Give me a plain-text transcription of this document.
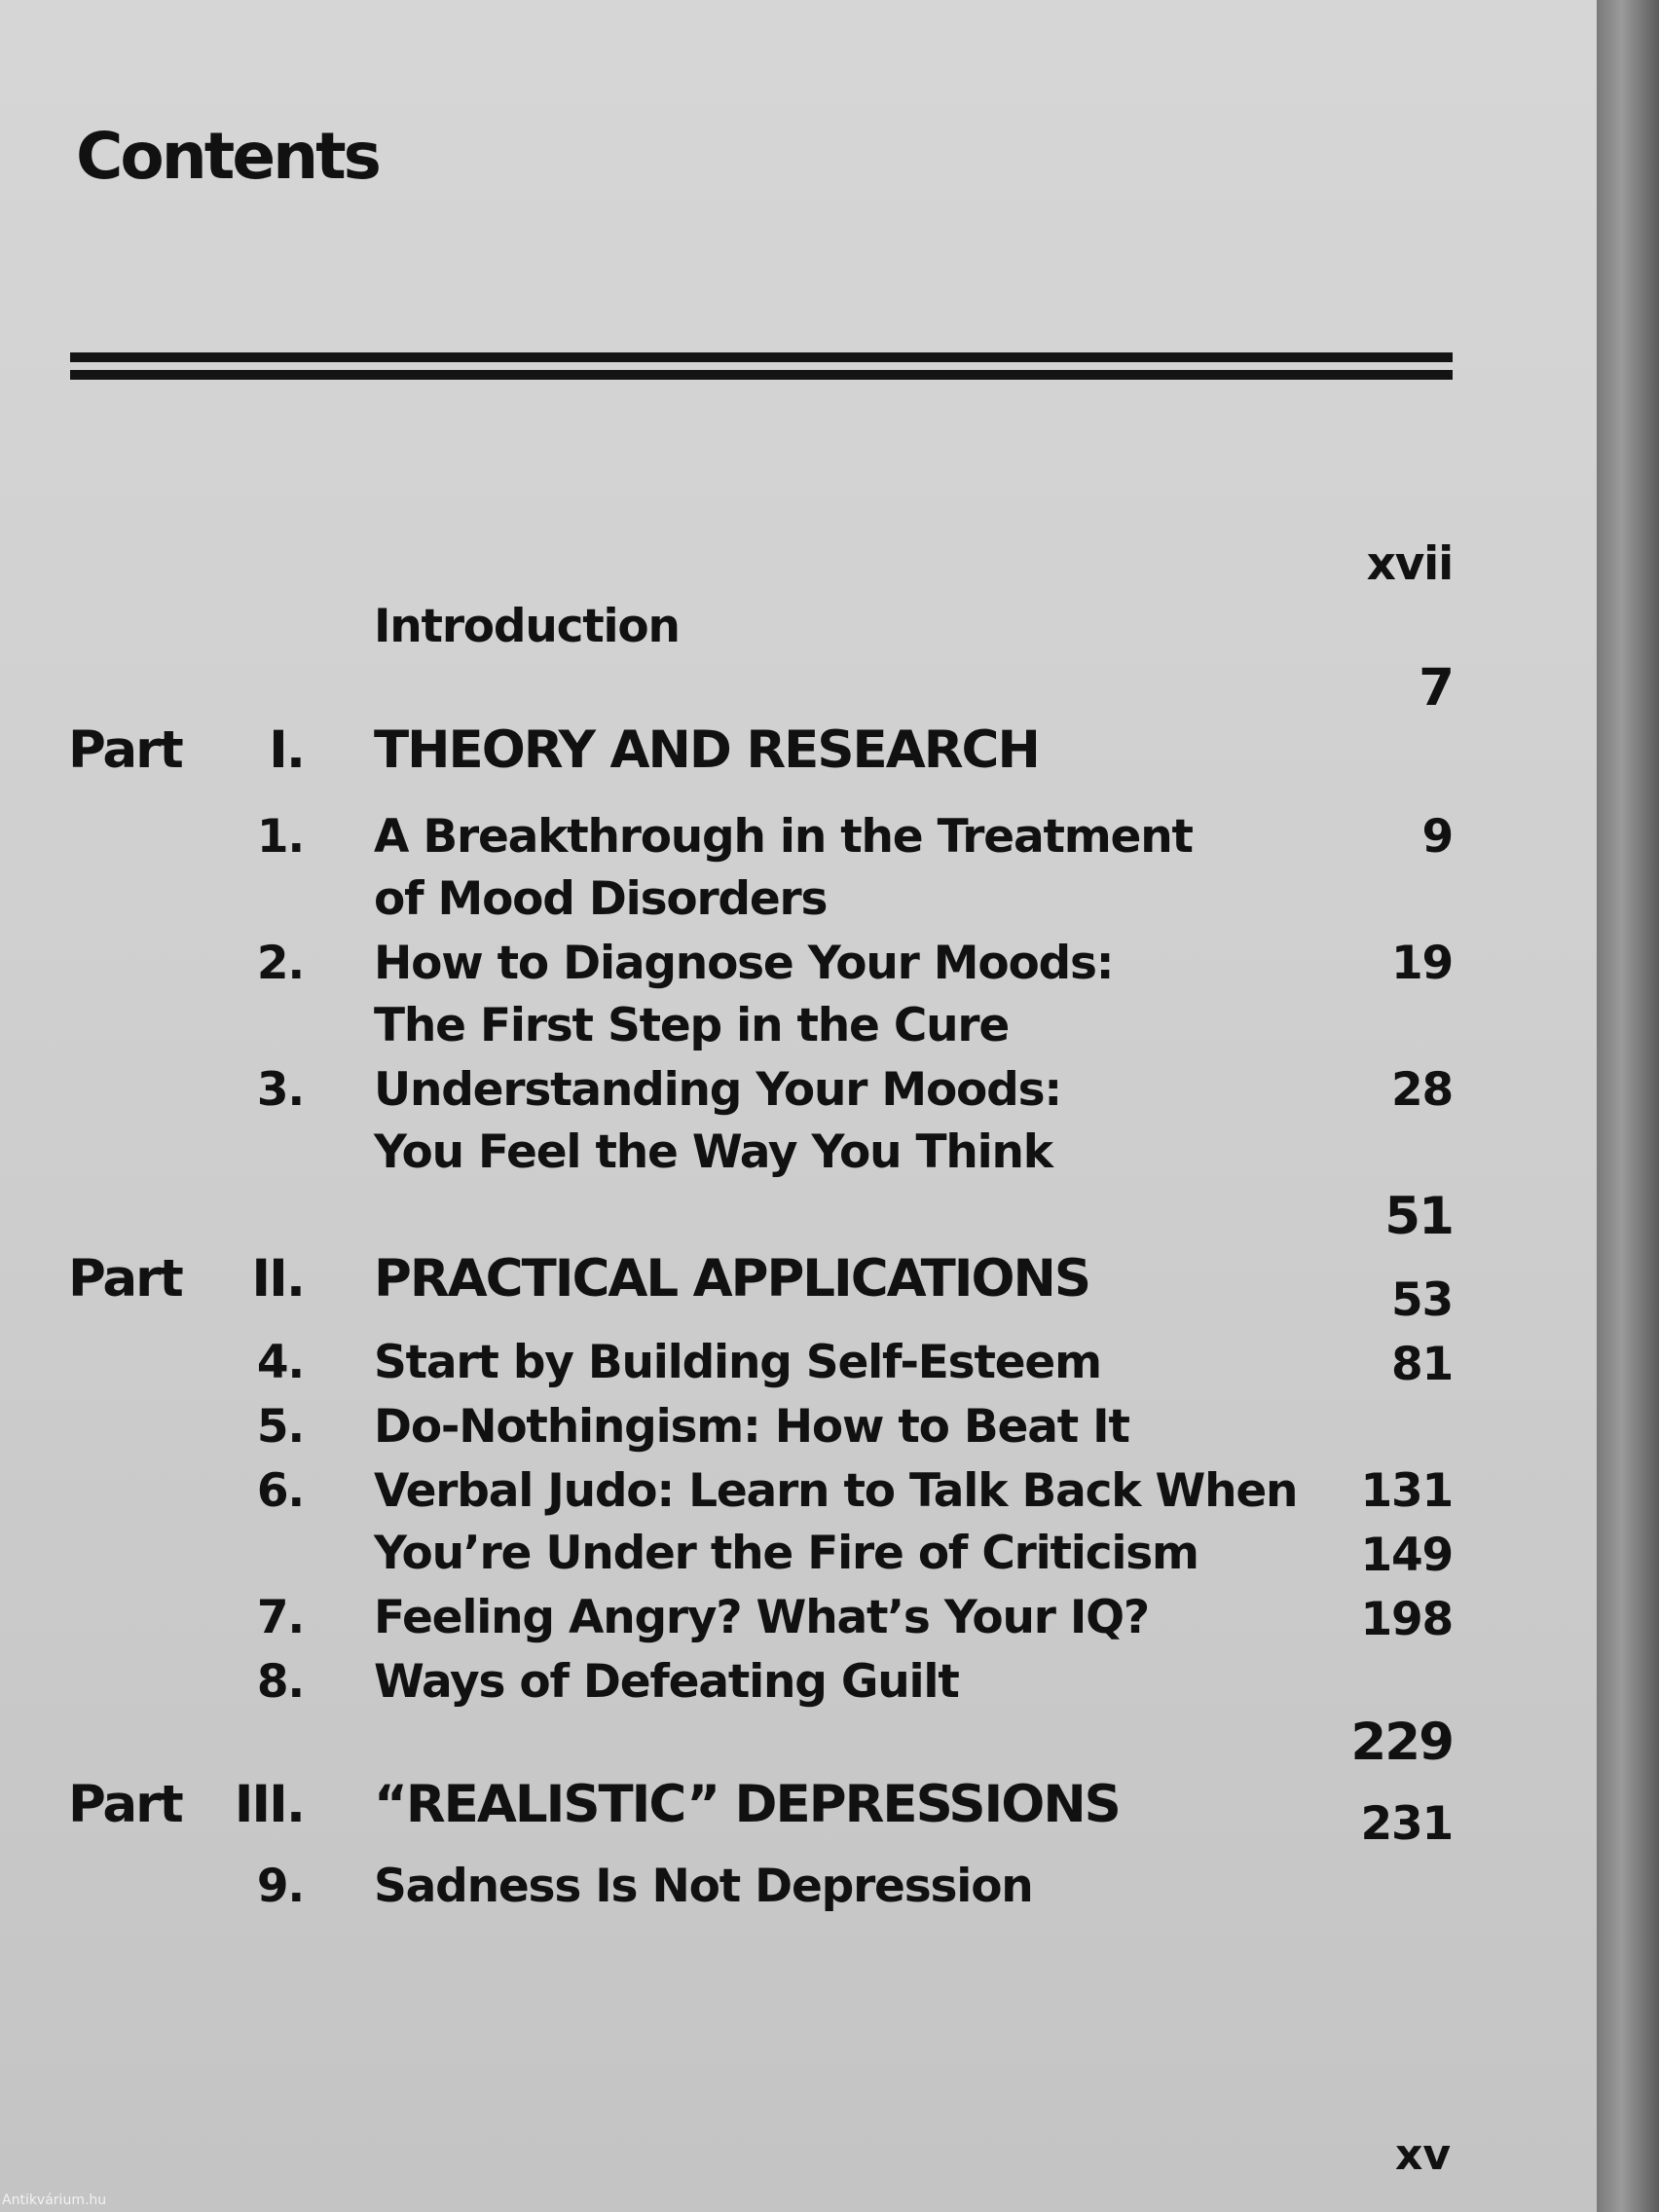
Contents
Introduction
xvii
Part I. THEORY AND RESEARCH
7
1. A Breakthrough in the Treatment
of Mood Disorders
9
2. How to Diagnose Your Moods:
The First Step in the Cure
19
3. Understanding Your Moods:
You Feel the Way You Think
28
Part II. PRACTICAL APPLICATIONS
51
4. Start by Building Self-Esteem
53
5. Do-Nothingism: How to Beat It
81
6. Verbal Judo: Learn to Talk Back When
You’re Under the Fire of Criticism
131
7. Feeling Angry? What’s Your IQ?
149
8. Ways of Defeating Guilt
198
Part III. “REALISTIC” DEPRESSIONS
229
9. Sadness Is Not Depression
231
xv
Antikvárium.hu
